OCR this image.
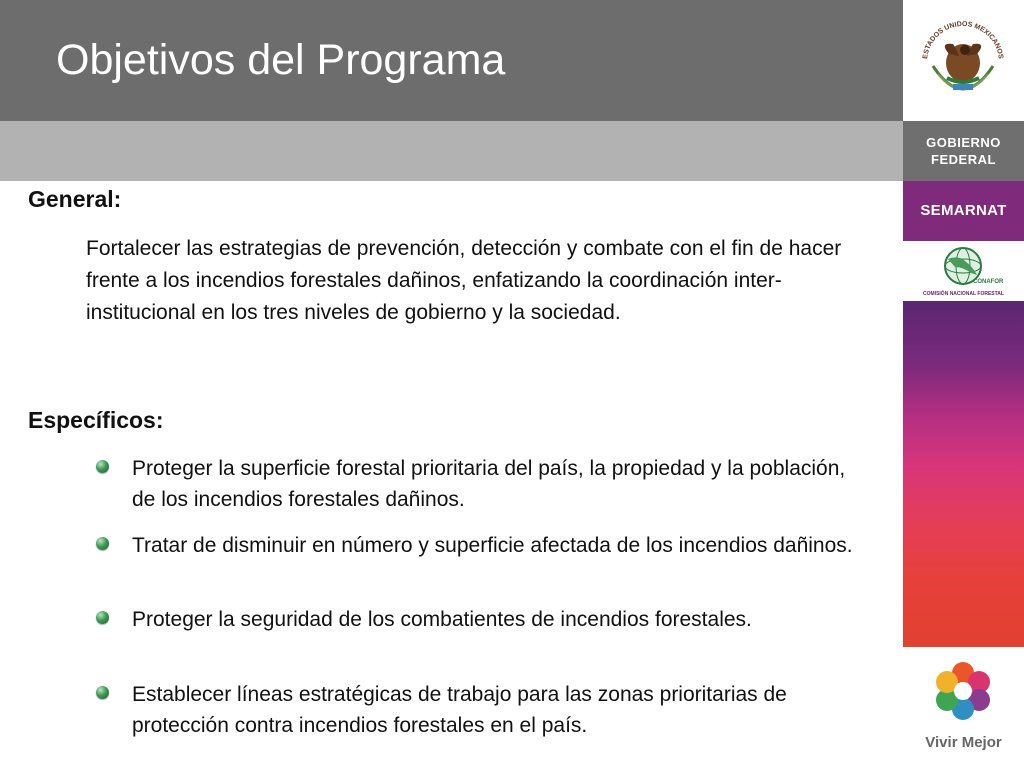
Objetivos del Programa
General:

Fortalecer las estrategias de prevención, detección y combate con el fin de hacer frente a los incendios forestales dañinos, enfatizando la coordinación inter-institucional en los tres niveles de gobierno y la sociedad.

Específicos:
Proteger la superficie forestal prioritaria del país, la propiedad y la población, de los incendios forestales dañinos.
Tratar de disminuir en número y superficie afectada de los incendios dañinos.
Proteger la seguridad de los combatientes de incendios forestales.
Establecer líneas estratégicas de trabajo para las zonas prioritarias de protección contra incendios forestales en el país.
ESTADOS UNIDOS MEXICANOS
GOBIERNO
FEDERAL
SEMARNAT
CONAFOR
COMISIÓN NACIONAL FORESTAL
Vivir Mejor
